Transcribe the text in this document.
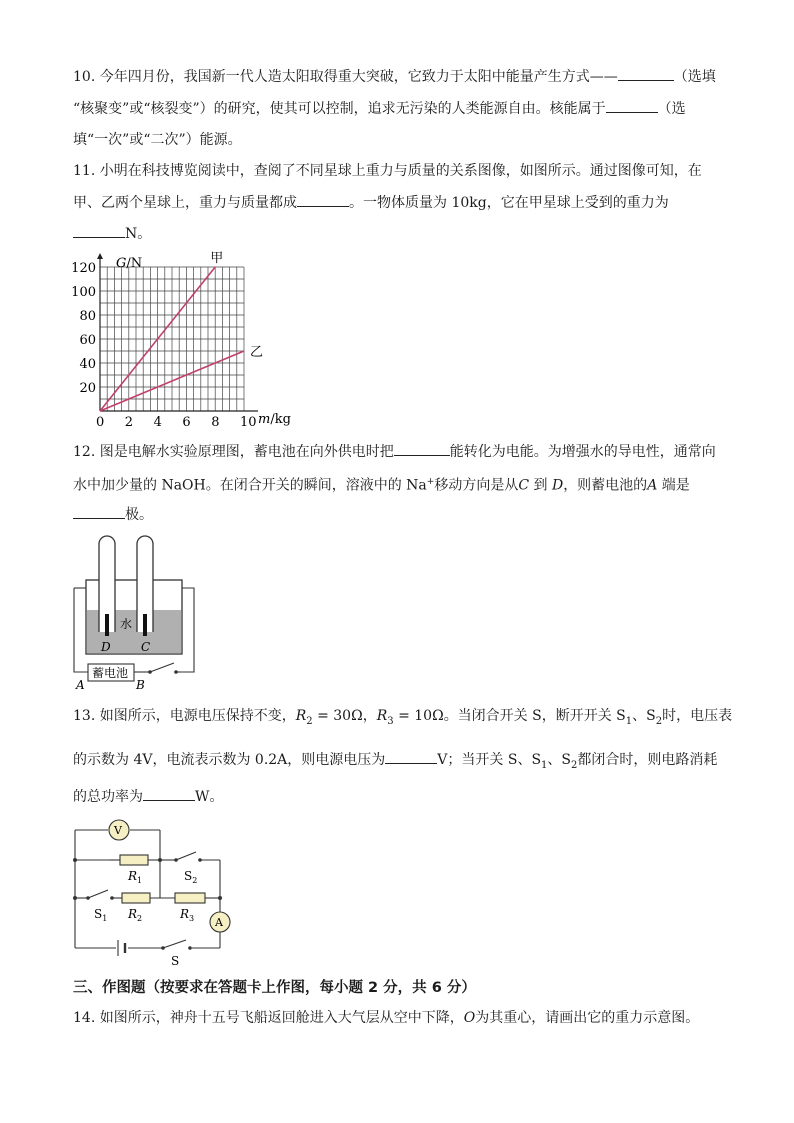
10. 今年四月份，我国新一代人造太阳取得重大突破，它致力于太阳中能量产生方式——	（选填
“核聚变”或“核裂变”）的研究，使其可以控制，追求无污染的人类能源自由。核能属于	（选
填“一次”或“二次”）能源。
11. 小明在科技博览阅读中，查阅了不同星球上重力与质量的关系图像，如图所示。通过图像可知，在
甲、乙两个星球上，重力与质量都成	。一物体质量为 10kg，它在甲星球上受到的重力为
N。
0 2 4 6 8 10
20
40
60
80
100
120
甲
乙
G/N
m/kg
12. 图是电解水实验原理图，蓄电池在向外供电时把	能转化为电能。为增强水的导电性，通常向
水中加少量的 NaOH。在闭合开关的瞬间，溶液中的 Na+移动方向是从C 到 D，则蓄电池的A 端是
极。
水
D	C
蓄电池
A	B
13. 如图所示，电源电压保持不变，$R_2 = 30\Omega$，$R_3 = 10\Omega$。当闭合开关 S，断开开关 $S_1$、$S_2$时，电压表
的示数为 4V，电流表示数为 0.2A，则电源电压为	V；当开关 S、$S_1$、$S_2$都闭合时，则电路消耗
的总功率为	W。
V
$R_1$	$S_2$
$S_1$ $R_2$	$R_3$ A
S
三、作图题（按要求在答题卡上作图，每小题 2 分，共 6 分）
14. 如图所示，神舟十五号飞船返回舱进入大气层从空中下降，O为其重心，请画出它的重力示意图。
